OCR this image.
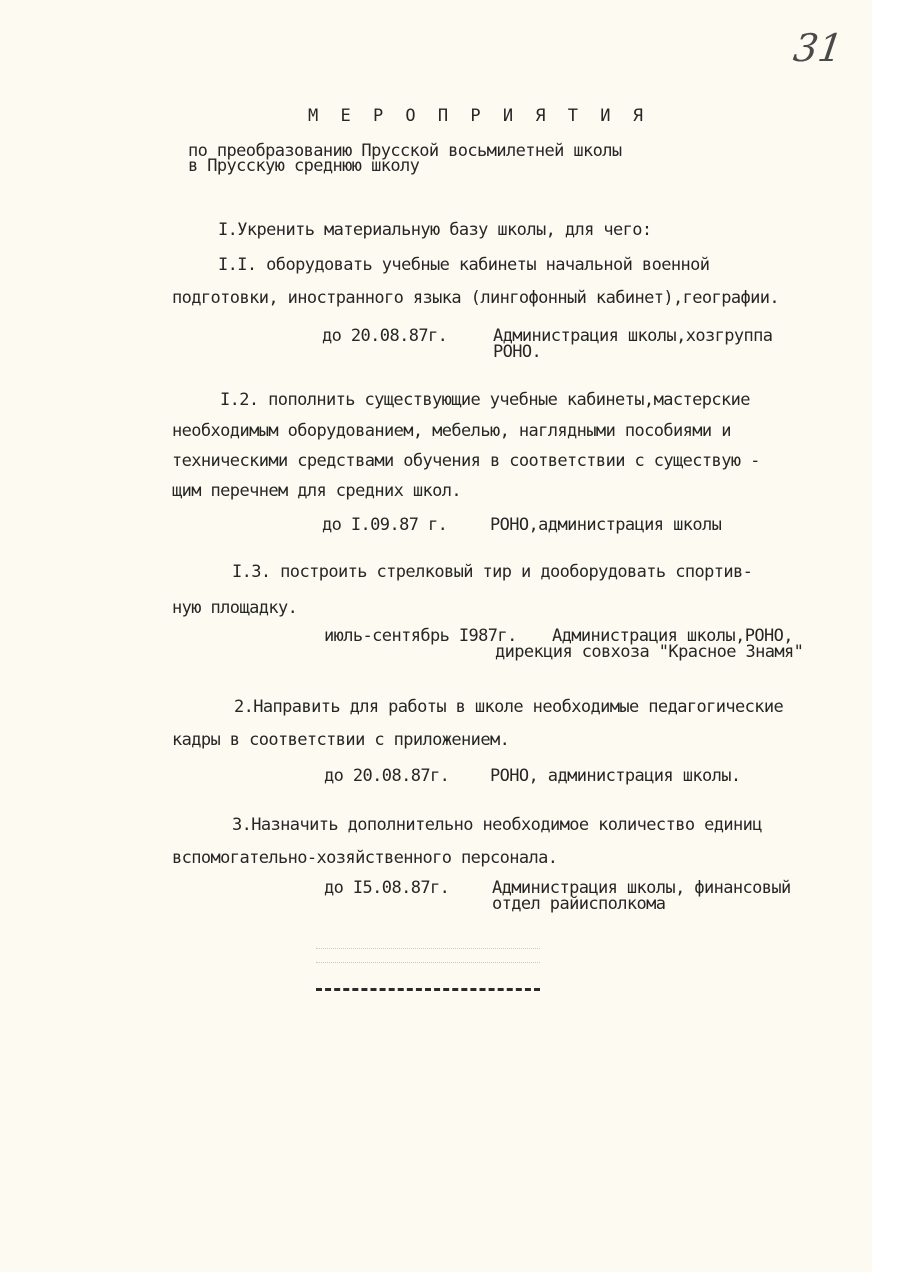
31
М Е Р О П Р И Я Т И Я
по преобразованию Прусской восьмилетней школы
в Прусскую среднюю школу
I.Укренить материальную базу школы, для чего:
I.I. оборудовать учебные кабинеты начальной военной
подготовки, иностранного языка (лингофонный кабинет),географии.
до 20.08.87г.	Администрация школы,хозгруппа
РОНО.
I.2. пополнить существующие учебные кабинеты,мастерские
необходимым оборудованием, мебелью, наглядными пособиями и
техническими средствами обучения в соответствии с существую -
щим перечнем для средних школ.
до I.09.87 г.	РОНО,администрация школы
I.3. построить стрелковый тир и дооборудовать спортив-
ную площадку.
июль-сентябрь I987г. Администрация школы,РОНО,
дирекция совхоза "Красное Знамя"
2.Направить для работы в школе необходимые педагогические
кадры в соответствии с приложением.
до 20.08.87г. РОНО, администрация школы.
3.Назначить дополнительно необходимое количество единиц
вспомогательно-хозяйственного персонала.
до I5.08.87г.	Администрация школы, финансовый
отдел райисполкома
